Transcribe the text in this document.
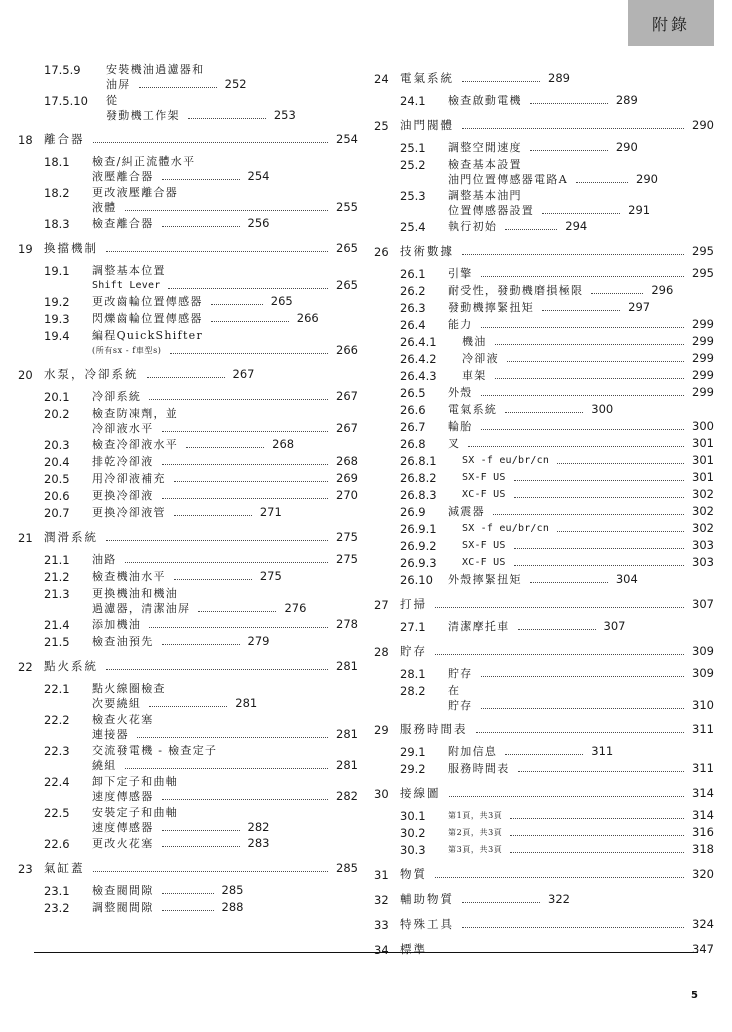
附錄
17.5.9	安裝機油過濾器和
油屏	252
17.5.10	從
發動機工作架	253
18 離合器	254
18.1	檢查/糾正流體水平
液壓離合器	254
18.2	更改液壓離合器
液體	255
18.3	檢查離合器	256
19 換擋機制	265
19.1	調整基本位置
Shift Lever	265
19.2	更改齒輪位置傳感器	265
19.3	閃爍齒輪位置傳感器	266
19.4	編程QuickShifter
(所有sx - f車型s)	266
20 水泵，冷卻系統	267
20.1	冷卻系統	267
20.2	檢查防凍劑，並
冷卻液水平	267
20.3	檢查冷卻液水平	268
20.4	排乾冷卻液	268
20.5	用冷卻液補充	269
20.6	更換冷卻液	270
20.7	更換冷卻液管	271
21 潤滑系統	275
21.1	油路	275
21.2	檢查機油水平	275
21.3	更換機油和機油
過濾器，清潔油屏	276
21.4	添加機油	278
21.5	檢查油預先	279
22 點火系統	281
22.1	點火線圈檢查
次要繞組	281
22.2	檢查火花塞
連接器	281
22.3	交流發電機 - 檢查定子
繞組	281
22.4	卸下定子和曲軸
速度傳感器	282
22.5	安裝定子和曲軸
速度傳感器	282
22.6	更改火花塞	283
23 氣缸蓋	285
23.1	檢查閥間隙	285
23.2	調整閥間隙	288
24 電氣系統	289
24.1	檢查啟動電機	289
25 油門閥體	290
25.1	調整空閒速度	290
25.2	檢查基本設置
油門位置傳感器電路A	290
25.3	調整基本油門
位置傳感器設置	291
25.4	執行初始	294
26 技術數據	295
26.1	引擎	295
26.2	耐受性，發動機磨損極限	296
26.3	發動機擰緊扭矩	297
26.4	能力	299
26.4.1	機油	299
26.4.2	冷卻液	299
26.4.3	車架	299
26.5	外殼	299
26.6	電氣系統	300
26.7	輪胎	300
26.8	叉	301
26.8.1	SX -f eu/br/cn	301
26.8.2	SX-F US	301
26.8.3	XC-F US	302
26.9	減震器	302
26.9.1	SX -f eu/br/cn	302
26.9.2	SX-F US	303
26.9.3	XC-F US	303
26.10	外殼擰緊扭矩	304
27 打掃	307
27.1	清潔摩托車	307
28 貯存	309
28.1	貯存	309
28.2	在
貯存	310
29 服務時間表	311
29.1	附加信息	311
29.2	服務時間表	311
30 接線圖	314
30.1	第1頁，共3頁	314
30.2	第2頁，共3頁	316
30.3	第3頁，共3頁	318
31 物質	320
32 輔助物質	322
33 特殊工具	324
34 標準	347
5
